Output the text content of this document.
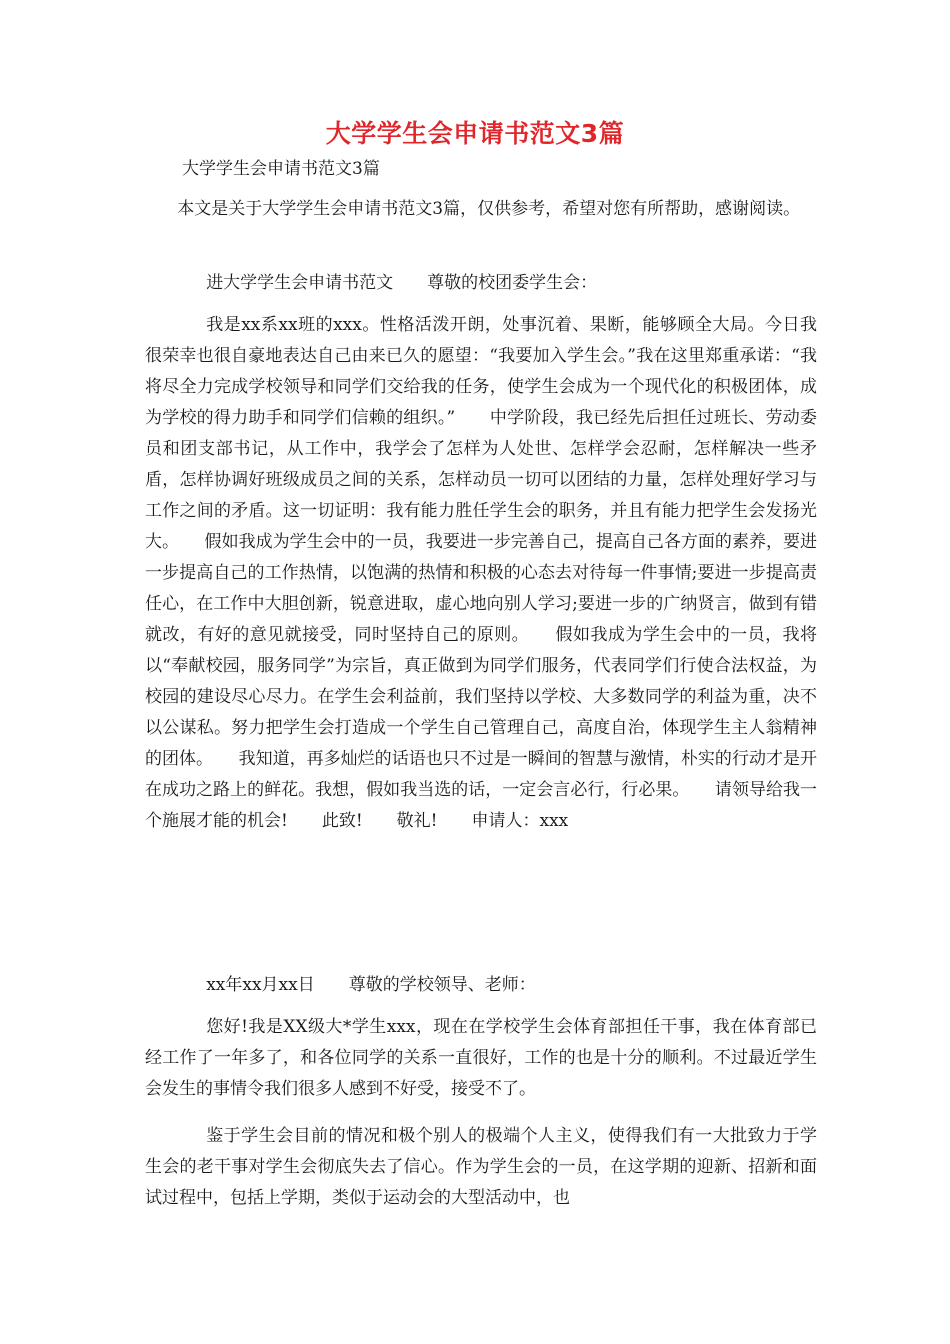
大学学生会申请书范文3篇
大学学生会申请书范文3篇
本文是关于大学学生会申请书范文3篇，仅供参考，希望对您有所帮助，感谢阅读。
进大学学生会申请书范文　　尊敬的校团委学生会：
我是xx系xx班的xxx。性格活泼开朗，处事沉着、果断，能够顾全大局。今日我很荣幸也很自豪地表达自己由来已久的愿望：“我要加入学生会。”我在这里郑重承诺：“我将尽全力完成学校领导和同学们交给我的任务，使学生会成为一个现代化的积极团体，成为学校的得力助手和同学们信赖的组织。”　　中学阶段，我已经先后担任过班长、劳动委员和团支部书记，从工作中，我学会了怎样为人处世、怎样学会忍耐，怎样解决一些矛盾，怎样协调好班级成员之间的关系，怎样动员一切可以团结的力量，怎样处理好学习与工作之间的矛盾。这一切证明：我有能力胜任学生会的职务，并且有能力把学生会发扬光大。　　假如我成为学生会中的一员，我要进一步完善自己，提高自己各方面的素养，要进一步提高自己的工作热情，以饱满的热情和积极的心态去对待每一件事情;要进一步提高责任心，在工作中大胆创新，锐意进取，虚心地向别人学习;要进一步的广纳贤言，做到有错就改，有好的意见就接受，同时坚持自己的原则。　　假如我成为学生会中的一员，我将以“奉献校园，服务同学”为宗旨，真正做到为同学们服务，代表同学们行使合法权益，为校园的建设尽心尽力。在学生会利益前，我们坚持以学校、大多数同学的利益为重，决不以公谋私。努力把学生会打造成一个学生自己管理自己，高度自治，体现学生主人翁精神的团体。　　我知道，再多灿烂的话语也只不过是一瞬间的智慧与激情，朴实的行动才是开在成功之路上的鲜花。我想，假如我当选的话，一定会言必行，行必果。　　请领导给我一个施展才能的机会!　　此致!　　敬礼!　　申请人：xxx
xx年xx月xx日　　尊敬的学校领导、老师：
您好!我是XX级大*学生xxx，现在在学校学生会体育部担任干事，我在体育部已经工作了一年多了，和各位同学的关系一直很好，工作的也是十分的顺利。不过最近学生会发生的事情令我们很多人感到不好受，接受不了。
鉴于学生会目前的情况和极个别人的极端个人主义，使得我们有一大批致力于学生会的老干事对学生会彻底失去了信心。作为学生会的一员，在这学期的迎新、招新和面试过程中，包括上学期，类似于运动会的大型活动中，也
